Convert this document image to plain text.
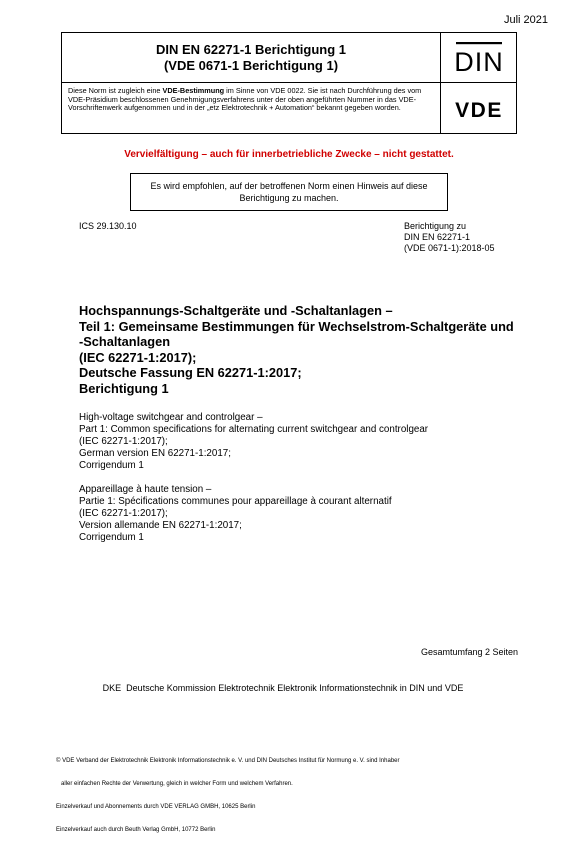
Juli 2021
DIN EN 62271-1 Berichtigung 1
(VDE 0671-1 Berichtigung 1)	DIN
Diese Norm ist zugleich eine VDE-Bestimmung im Sinne von VDE 0022. Sie ist nach Durchführung des vom VDE-Präsidium beschlossenen Genehmigungsverfahrens unter der oben angeführten Nummer in das VDE-Vorschriftenwerk aufgenommen und in der „etz Elektrotechnik + Automation“ bekannt gegeben worden.	VDE
Vervielfältigung – auch für innerbetriebliche Zwecke – nicht gestattet.
Es wird empfohlen, auf der betroffenen Norm einen Hinweis auf diese Berichtigung zu machen.
ICS 29.130.10	Berichtigung zu
DIN EN 62271-1
(VDE 0671-1):2018-05
Hochspannungs-Schaltgeräte und -Schaltanlagen –
Teil 1: Gemeinsame Bestimmungen für Wechselstrom-Schaltgeräte und
-Schaltanlagen
(IEC 62271-1:2017);
Deutsche Fassung EN 62271-1:2017;
Berichtigung 1
High-voltage switchgear and controlgear –
Part 1: Common specifications for alternating current switchgear and controlgear
(IEC 62271-1:2017);
German version EN 62271-1:2017;
Corrigendum 1
Appareillage à haute tension –
Partie 1: Spécifications communes pour appareillage à courant alternatif
(IEC 62271-1:2017);
Version allemande EN 62271-1:2017;
Corrigendum 1
Gesamtumfang 2 Seiten
DKE  Deutsche Kommission Elektrotechnik Elektronik Informationstechnik in DIN und VDE

© VDE Verband der Elektrotechnik Elektronik Informationstechnik e. V. und DIN Deutsches Institut für Normung e. V. sind Inhaber

aller einfachen Rechte der Verwertung, gleich in welcher Form und welchem Verfahren.

Einzelverkauf und Abonnements durch VDE VERLAG GMBH, 10625 Berlin

Einzelverkauf auch durch Beuth Verlag GmbH, 10772 Berlin
